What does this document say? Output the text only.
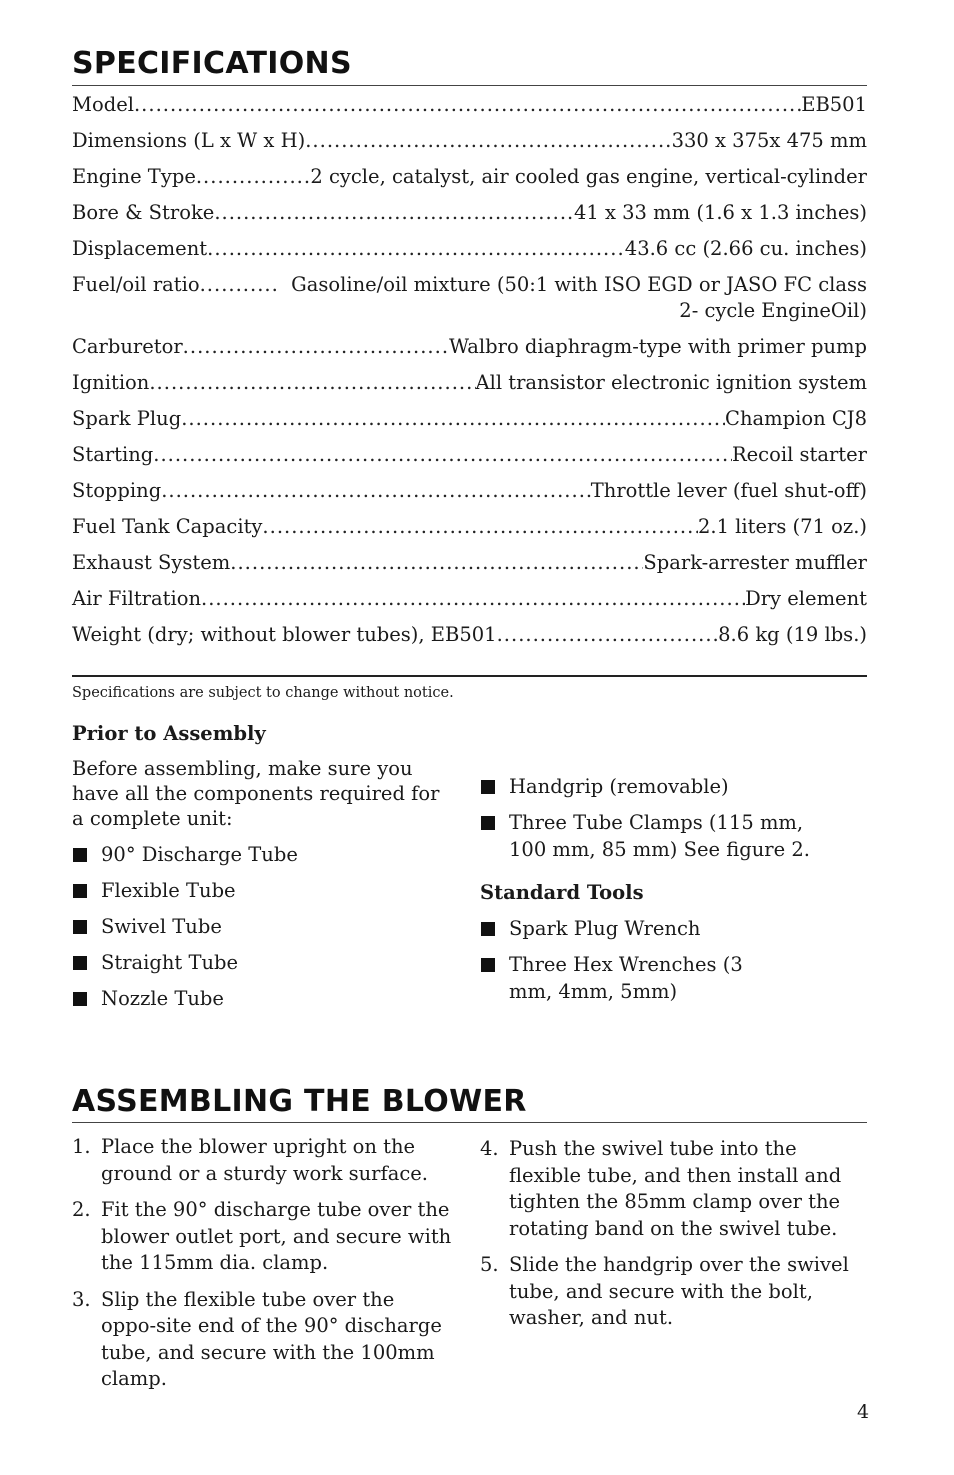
SPECIFICATIONS
Model .....	EB501
Dimensions (L x W x H) .....	330 x 375x 475 mm
Engine Type .....	2 cycle, catalyst, air cooled gas engine, vertical-cylinder
Bore & Stroke .....	41 x 33 mm (1.6 x 1.3 inches)
Displacement .....	43.6 cc (2.66 cu. inches)
Fuel/oil ratio .....	Gasoline/oil mixture (50:1 with ISO EGD or JASO FC class
2- cycle EngineOil)
Carburetor .....	Walbro diaphragm-type with primer pump
Ignition .....	All transistor electronic ignition system
Spark Plug .....	Champion CJ8
Starting .....	Recoil starter
Stopping .....	Throttle lever (fuel shut-off)
Fuel Tank Capacity .....	2.1 liters (71 oz.)
Exhaust System .....	Spark-arrester muffler
Air Filtration .....	Dry element
Weight (dry; without blower tubes), EB501 .....	8.6 kg (19 lbs.)
Specifications are subject to change without notice.

Prior to Assembly

Before assembling, make sure you have all the components required for a complete unit:

90° Discharge Tube
Flexible Tube
Swivel Tube
Straight Tube
Nozzle Tube
Handgrip (removable)
Three Tube Clamps (115 mm, 100 mm, 85 mm) See figure 2.

Standard Tools

Spark Plug Wrench
Three Hex Wrenches (3 mm, 4mm, 5mm)
ASSEMBLING THE BLOWER
1. Place the blower upright on the ground or a sturdy work surface.
2. Fit the 90° discharge tube over the blower outlet port, and secure with the 115mm dia. clamp.
3. Slip the flexible tube over the oppo-site end of the 90° discharge tube, and secure with the 100mm clamp.
4. Push the swivel tube into the flexible tube, and then install and tighten the 85mm clamp over the rotating band on the swivel tube.
5. Slide the handgrip over the swivel tube, and secure with the bolt, washer, and nut.
4
